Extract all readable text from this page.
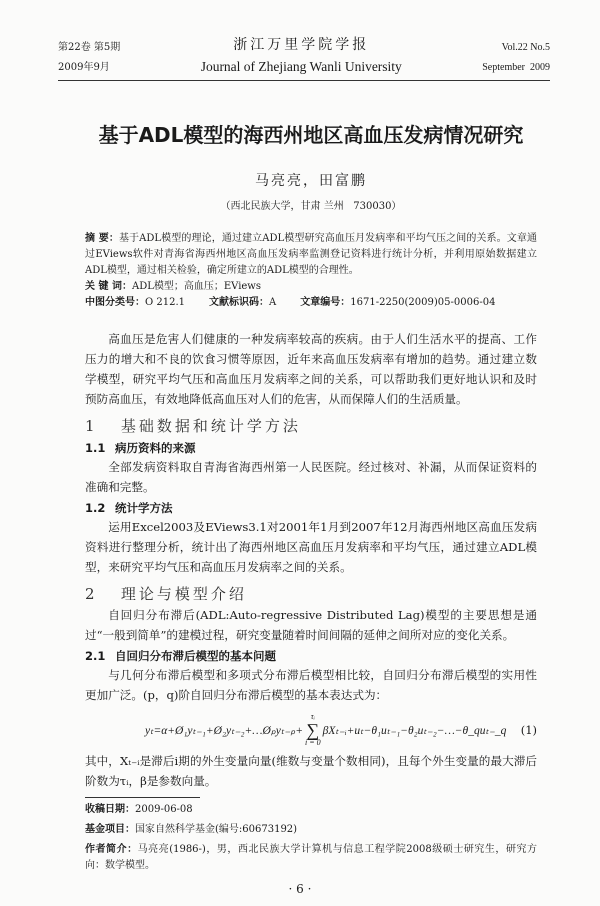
第22卷 第5期
2009年9月
浙江万里学院学报
Journal of Zhejiang Wanli University
Vol.22 No.5
September  2009
基于ADL模型的海西州地区高血压发病情况研究
马亮亮，田富鹏
（西北民族大学，甘肃 兰州   730030）
摘 要：基于ADL模型的理论，通过建立ADL模型研究高血压月发病率和平均气压之间的关系。文章通过EViews软件对青海省海西州地区高血压发病率监测登记资料进行统计分析，并利用原始数据建立ADL模型，通过相关检验，确定所建立的ADL模型的合理性。
关 键 词：ADL模型；高血压；EViews
中图分类号：O 212.1 文献标识码：A 文章编号：1671-2250(2009)05-0006-04

高血压是危害人们健康的一种发病率较高的疾病。由于人们生活水平的提高、工作压力的增大和不良的饮食习惯等原因，近年来高血压发病率有增加的趋势。通过建立数学模型，研究平均气压和高血压月发病率之间的关系，可以帮助我们更好地认识和及时预防高血压，有效地降低高血压对人们的危害，从而保障人们的生活质量。

1 基础数据和统计学方法
1.1 病历资料的来源

全部发病资料取自青海省海西州第一人民医院。经过核对、补漏，从而保证资料的准确和完整。

1.2 统计学方法

运用Excel2003及EViews3.1对2001年1月到2007年12月海西州地区高血压发病资料进行整理分析，统计出了海西州地区高血压月发病率和平均气压，通过建立ADL模型，来研究平均气压和高血压月发病率之间的关系。

2 理论与模型介绍

自回归分布滞后(ADL:Auto-regressive Distributed Lag)模型的主要思想是通过“一般到简单”的建模过程，研究变量随着时间间隔的延伸之间所对应的变化关系。

2.1 自回归分布滞后模型的基本问题

与几何分布滞后模型和多项式分布滞后模型相比较，自回归分布滞后模型的实用性更加广泛。(p，q)阶自回归分布滞后模型的基本表达式为：

yₜ=α+Ø₁yₜ₋₁+Ø₂yₜ₋₂+…Øₚyₜ₋ₚ+
τᵢ
∑
i = 0
βXₜ₋ᵢ+uₜ−θ₁uₜ₋₁−θ₂uₜ₋₂−…−θ_quₜ₋_q (1)

其中，Xₜ₋ᵢ是滞后i期的外生变量向量(维数与变量个数相同)，且每个外生变量的最大滞后阶数为τᵢ，β是参数向量。

收稿日期：2009-06-08
基金项目：国家自然科学基金(编号:60673192)
作者简介：马亮亮(1986-)，男，西北民族大学计算机与信息工程学院2008级硕士研究生，研究方向：数学模型。
· 6 ·
